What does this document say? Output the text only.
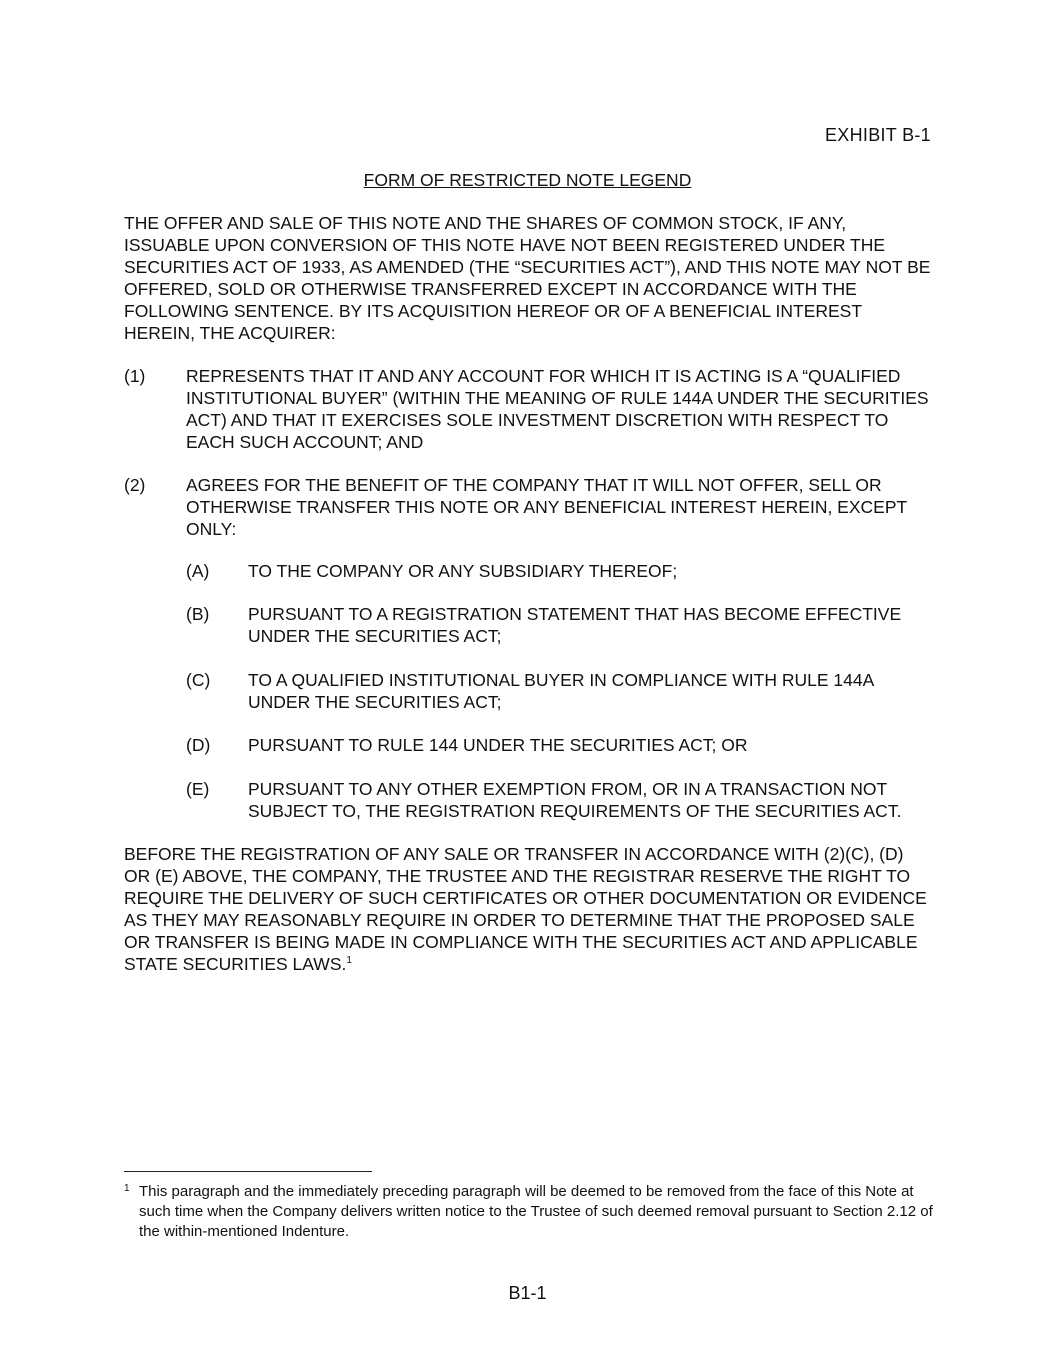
EXHIBIT B-1
FORM OF RESTRICTED NOTE LEGEND
THE OFFER AND SALE OF THIS NOTE AND THE SHARES OF COMMON STOCK, IF ANY, ISSUABLE UPON CONVERSION OF THIS NOTE HAVE NOT BEEN REGISTERED UNDER THE SECURITIES ACT OF 1933, AS AMENDED (THE “SECURITIES ACT”), AND THIS NOTE MAY NOT BE OFFERED, SOLD OR OTHERWISE TRANSFERRED EXCEPT IN ACCORDANCE WITH THE FOLLOWING SENTENCE. BY ITS ACQUISITION HEREOF OR OF A BENEFICIAL INTEREST HEREIN, THE ACQUIRER:
(1)	REPRESENTS THAT IT AND ANY ACCOUNT FOR WHICH IT IS ACTING IS A “QUALIFIED INSTITUTIONAL BUYER” (WITHIN THE MEANING OF RULE 144A UNDER THE SECURITIES ACT) AND THAT IT EXERCISES SOLE INVESTMENT DISCRETION WITH RESPECT TO EACH SUCH ACCOUNT; AND
(2)	AGREES FOR THE BENEFIT OF THE COMPANY THAT IT WILL NOT OFFER, SELL OR OTHERWISE TRANSFER THIS NOTE OR ANY BENEFICIAL INTEREST HEREIN, EXCEPT ONLY:
(A)	TO THE COMPANY OR ANY SUBSIDIARY THEREOF;
(B)	PURSUANT TO A REGISTRATION STATEMENT THAT HAS BECOME EFFECTIVE UNDER THE SECURITIES ACT;
(C)	TO A QUALIFIED INSTITUTIONAL BUYER IN COMPLIANCE WITH RULE 144A UNDER THE SECURITIES ACT;
(D)	PURSUANT TO RULE 144 UNDER THE SECURITIES ACT; OR
(E)	PURSUANT TO ANY OTHER EXEMPTION FROM, OR IN A TRANSACTION NOT SUBJECT TO, THE REGISTRATION REQUIREMENTS OF THE SECURITIES ACT.
BEFORE THE REGISTRATION OF ANY SALE OR TRANSFER IN ACCORDANCE WITH (2)(C), (D) OR (E) ABOVE, THE COMPANY, THE TRUSTEE AND THE REGISTRAR RESERVE THE RIGHT TO REQUIRE THE DELIVERY OF SUCH CERTIFICATES OR OTHER DOCUMENTATION OR EVIDENCE AS THEY MAY REASONABLY REQUIRE IN ORDER TO DETERMINE THAT THE PROPOSED SALE OR TRANSFER IS BEING MADE IN COMPLIANCE WITH THE SECURITIES ACT AND APPLICABLE STATE SECURITIES LAWS.$^1$
1 This paragraph and the immediately preceding paragraph will be deemed to be removed from the face of this Note at such time when the Company delivers written notice to the Trustee of such deemed removal pursuant to Section 2.12 of the within-mentioned Indenture.
B1-1
